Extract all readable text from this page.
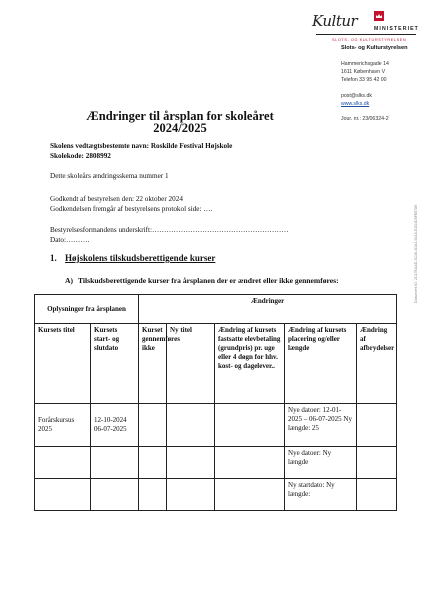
Kultur	MINISTERIET
SLOTS- OG KULTURSTYRELSEN
Slots- og Kulturstyrelsen
Hammerichsgade 14
1611 København V
Telefon 33 95 42 00
post@slks.dk
www.slks.dk
Jour. nr.: 23/06324-2
Dokument ID: 2C17EAAD-3C36-4DA4-924A-E2D4D5FB5789
Ændringer til årsplan for skoleåret
2024/2025
Skolens vedtægtsbestemte navn: Roskilde Festival Højskole
Skolekode: 2808992
Dette skoleårs ændringsskema nummer 1
Godkendt af bestyrelsen den: 22 oktober 2024
Godkendelsen fremgår af bestyrelsens protokol side: ….
Bestyrelsesformandens underskrift:…………………………………………………
Dato:……….
1. Højskolens tilskudsberettigende kurser
A) Tilskudsberettigende kurser fra årsplanen der er ændret eller ikke gennemføres:
Oplysninger fra årsplanen		Ændringer				
Kursets titel	Kursets start- og slutdato	Kurset gennemføres ikke	Ny titel	Ændring af kursets fastsatte elevbetaling (grundpris) pr. uge eller 4 døgn for hhv. kost- og dagelever..	Ændring af kursets placering og/eller længde	Ændring af afbrydelser
Forårskursus 2025	12-10-2024 06-07-2025				Nye datoer: 12-01-2025 – 06-07-2025 Ny længde: 25	
					Nye datoer: Ny længde	
					Ny startdato: Ny længde:	
